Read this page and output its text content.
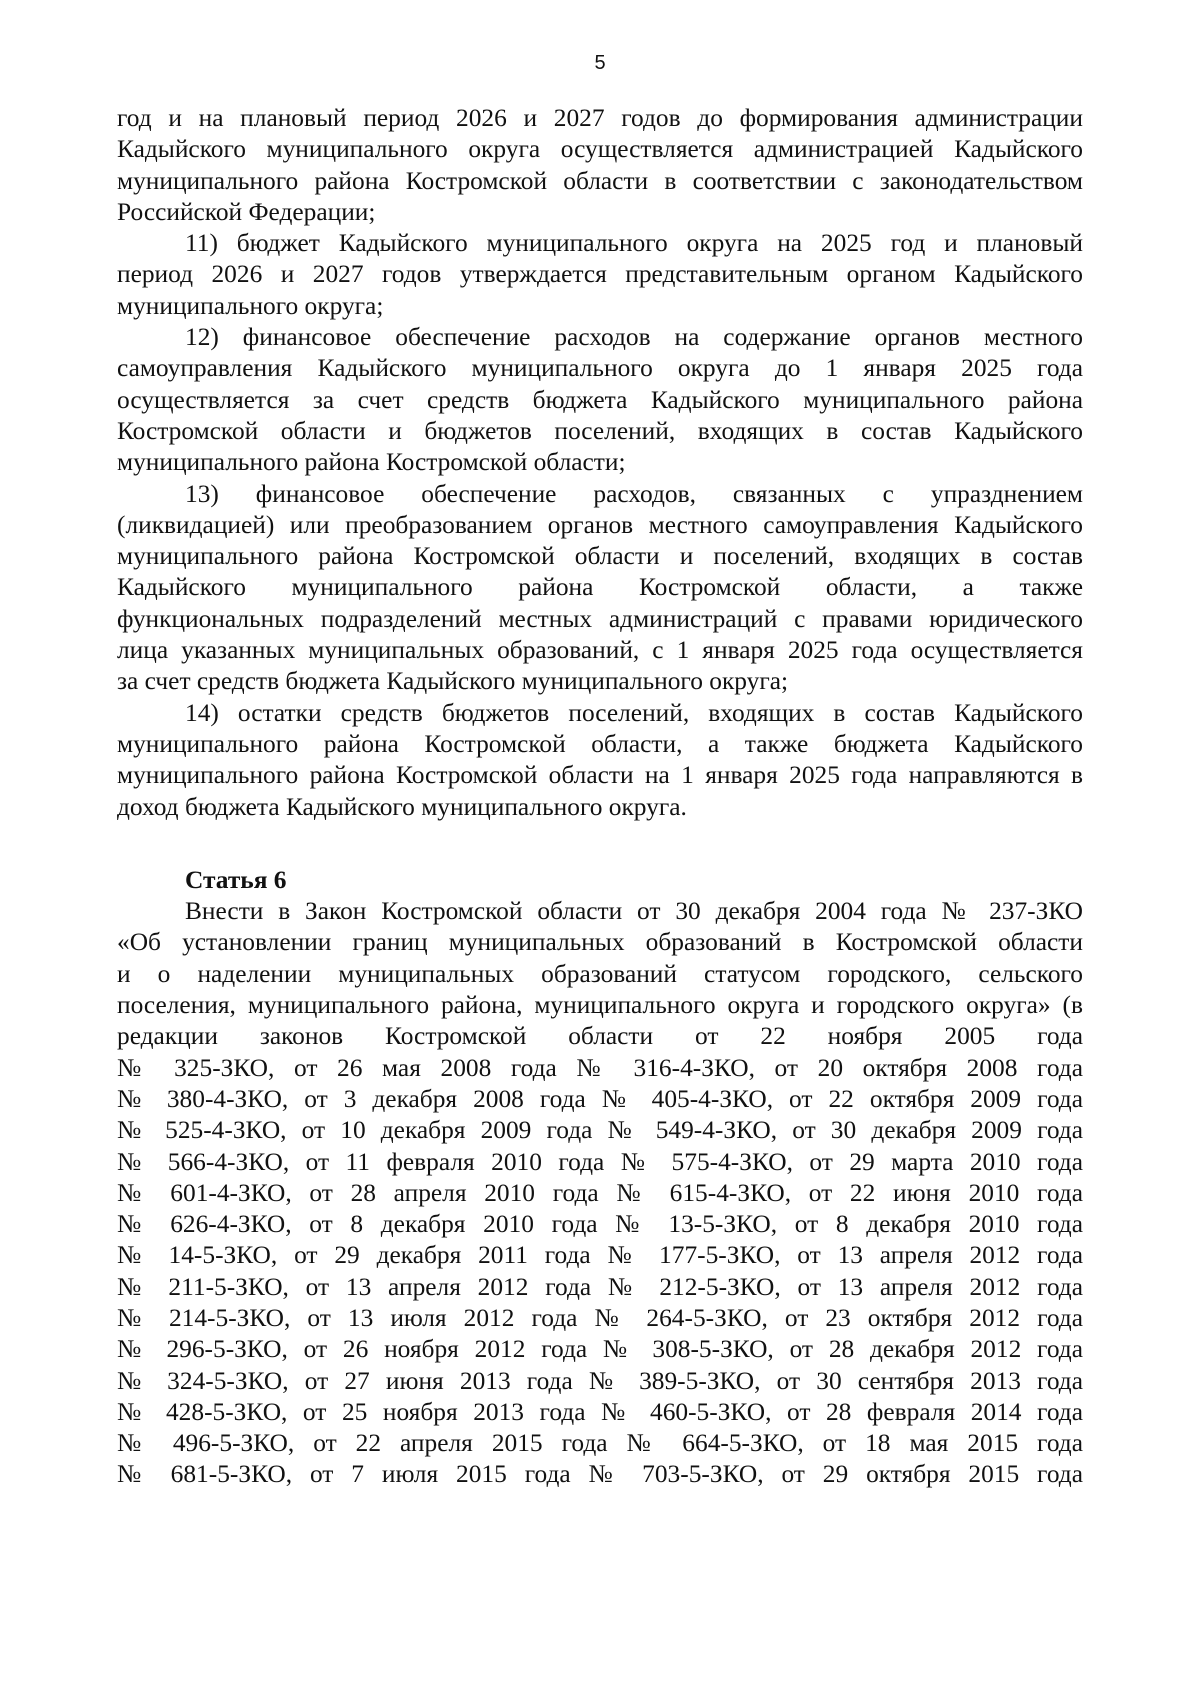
5

год и на плановый период 2026 и 2027 годов до формирования администрации
Кадыйского муниципального округа осуществляется администрацией Кадыйского
муниципального района Костромской области в соответствии с законодательством
Российской Федерации;

11) бюджет Кадыйского муниципального округа на 2025 год и плановый
период 2026 и 2027 годов утверждается представительным органом Кадыйского
муниципального округа;

12) финансовое обеспечение расходов на содержание органов местного
самоуправления Кадыйского муниципального округа до 1 января 2025 года
осуществляется за счет средств бюджета Кадыйского муниципального района
Костромской области и бюджетов поселений, входящих в состав Кадыйского
муниципального района Костромской области;

13) финансовое обеспечение расходов, связанных с упразднением
(ликвидацией) или преобразованием органов местного самоуправления Кадыйского
муниципального района Костромской области и поселений, входящих в состав
Кадыйского муниципального района Костромской области, а также
функциональных подразделений местных администраций с правами юридического
лица указанных муниципальных образований, с 1 января 2025 года осуществляется
за счет средств бюджета Кадыйского муниципального округа;

14) остатки средств бюджетов поселений, входящих в состав Кадыйского
муниципального района Костромской области, а также бюджета Кадыйского
муниципального района Костромской области на 1 января 2025 года направляются в
доход бюджета Кадыйского муниципального округа.

Статья 6

Внести в Закон Костромской области от 30 декабря 2004 года № 237-ЗКО
«Об установлении границ муниципальных образований в Костромской области
и о наделении муниципальных образований статусом городского, сельского
поселения, муниципального района, муниципального округа и городского округа» (в
редакции законов Костромской области от 22 ноября 2005 года
№ 325-ЗКО, от 26 мая 2008 года № 316-4-ЗКО, от 20 октября 2008 года
№ 380-4-ЗКО, от 3 декабря 2008 года № 405-4-ЗКО, от 22 октября 2009 года
№ 525-4-ЗКО, от 10 декабря 2009 года № 549-4-ЗКО, от 30 декабря 2009 года
№ 566-4-ЗКО, от 11 февраля 2010 года № 575-4-ЗКО, от 29 марта 2010 года
№ 601-4-ЗКО, от 28 апреля 2010 года № 615-4-ЗКО, от 22 июня 2010 года
№ 626-4-ЗКО, от 8 декабря 2010 года № 13-5-ЗКО, от 8 декабря 2010 года
№ 14-5-ЗКО, от 29 декабря 2011 года № 177-5-ЗКО, от 13 апреля 2012 года
№ 211-5-ЗКО, от 13 апреля 2012 года № 212-5-ЗКО, от 13 апреля 2012 года
№ 214-5-ЗКО, от 13 июля 2012 года № 264-5-ЗКО, от 23 октября 2012 года
№ 296-5-ЗКО, от 26 ноября 2012 года № 308-5-ЗКО, от 28 декабря 2012 года
№ 324-5-ЗКО, от 27 июня 2013 года № 389-5-ЗКО, от 30 сентября 2013 года
№ 428-5-ЗКО, от 25 ноября 2013 года № 460-5-ЗКО, от 28 февраля 2014 года
№ 496-5-ЗКО, от 22 апреля 2015 года № 664-5-ЗКО, от 18 мая 2015 года
№ 681-5-ЗКО, от 7 июля 2015 года № 703-5-ЗКО, от 29 октября 2015 года
